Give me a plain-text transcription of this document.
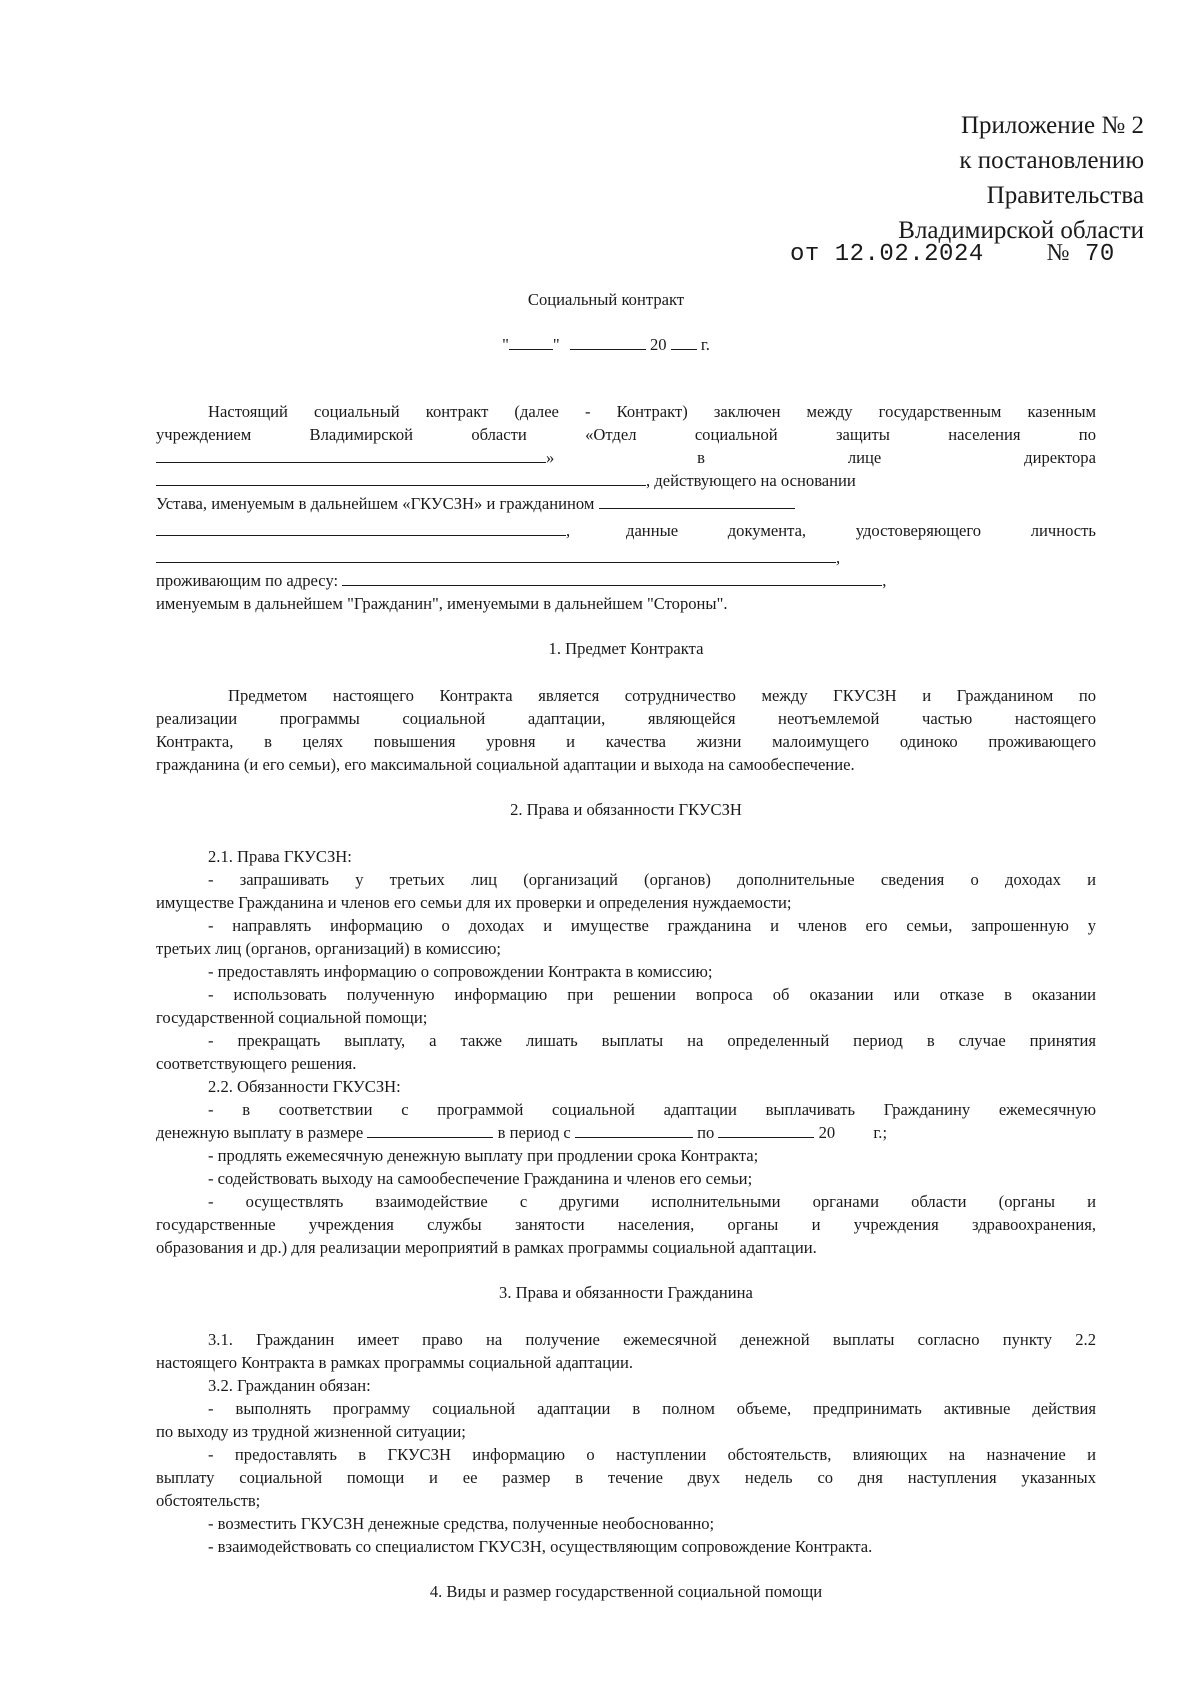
Приложение № 2
к постановлению
Правительства
Владимирской области
от 12.02.2024	№ 70
Социальный контракт
"	"	20 г.

Настоящий социальный контракт (далее - Контракт) заключен между государственным казенным

учреждением Владимирской области «Отдел социальной защиты населения по

»	в	лице	директора

, действующего на основании

Устава, именуемым в дальнейшем «ГКУСЗН» и гражданином

,	данные документа, удостоверяющего личность

,

проживающим по адресу:	,

именуемым в дальнейшем "Гражданин", именуемыми в дальнейшем "Стороны".

1. Предмет Контракта

Предметом настоящего Контракта является сотрудничество между ГКУСЗН и Гражданином по

реализации программы социальной адаптации, являющейся неотъемлемой частью настоящего

Контракта, в целях повышения уровня и качества жизни малоимущего одиноко проживающего

гражданина (и его семьи), его максимальной социальной адаптации и выхода на самообеспечение.

2. Права и обязанности ГКУСЗН

2.1. Права ГКУСЗН:

- запрашивать у третьих лиц (организаций (органов) дополнительные сведения о доходах и

имуществе Гражданина и членов его семьи для их проверки и определения нуждаемости;

- направлять информацию о доходах и имуществе гражданина и членов его семьи, запрошенную у

третьих лиц (органов, организаций) в комиссию;

- предоставлять информацию о сопровождении Контракта в комиссию;

- использовать полученную информацию при решении вопроса об оказании или отказе в оказании

государственной социальной помощи;

- прекращать выплату, а также лишать выплаты на определенный период в случае принятия

соответствующего решения.

2.2. Обязанности ГКУСЗН:

- в соответствии с программой социальной адаптации выплачивать Гражданину ежемесячную

денежную выплату в размере	в период с	по	20 г.;

- продлять ежемесячную денежную выплату при продлении срока Контракта;

- содействовать выходу на самообеспечение Гражданина и членов его семьи;

- осуществлять взаимодействие с другими исполнительными органами области (органы и

государственные учреждения службы занятости населения, органы и учреждения здравоохранения,

образования и др.) для реализации мероприятий в рамках программы социальной адаптации.

3. Права и обязанности Гражданина

3.1. Гражданин имеет право на получение ежемесячной денежной выплаты согласно пункту 2.2

настоящего Контракта в рамках программы социальной адаптации.

3.2. Гражданин обязан:

- выполнять программу социальной адаптации в полном объеме, предпринимать активные действия

по выходу из трудной жизненной ситуации;

- предоставлять в ГКУСЗН информацию о наступлении обстоятельств, влияющих на назначение и

выплату социальной помощи и ее размер в течение двух недель со дня наступления указанных

обстоятельств;

- возместить ГКУСЗН денежные средства, полученные необоснованно;

- взаимодействовать со специалистом ГКУСЗН, осуществляющим сопровождение Контракта.

4. Виды и размер государственной социальной помощи
